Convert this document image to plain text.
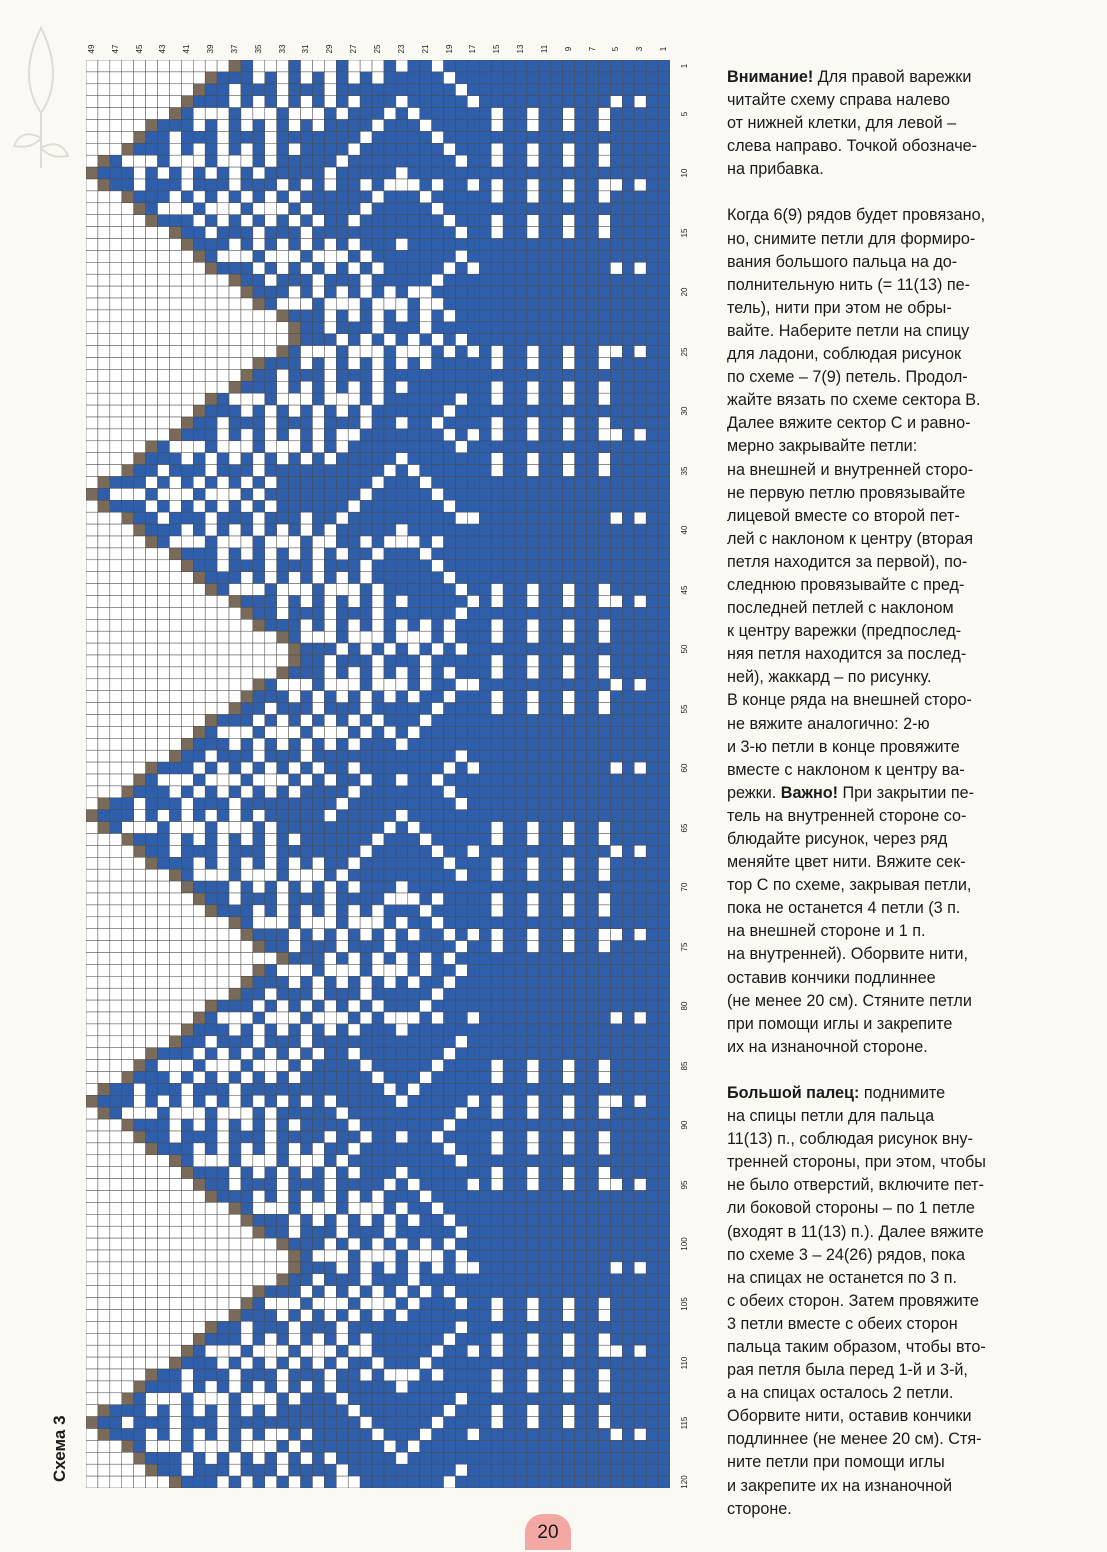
49	47	45	43	41	39	37	35	33	31	29	27	25	23	21	19	17	15	13	11	9	7	5	3	1
1
5
10
15
20
25
30
35
40
45
50
55
60
65
70
75
80
85
90
95
100
105
110
115
120
Схема 3
Внимание! Для правой варежки
читайте схему справа налево
от нижней клетки, для левой –
слева направо. Точкой обозначе-
на прибавка.
Когда 6(9) рядов будет провязано,
но, снимите петли для формиро-
вания большого пальца на до-
полнительную нить (= 11(13) пе-
тель), нити при этом не обры-
вайте. Наберите петли на спицу
для ладони, соблюдая рисунок
по схеме – 7(9) петель. Продол-
жайте вязать по схеме сектора В.
Далее вяжите сектор С и равно-
мерно закрывайте петли:
на внешней и внутренней сторо-
не первую петлю провязывайте
лицевой вместе со второй пет-
лей с наклоном к центру (вторая
петля находится за первой), по-
следнюю провязывайте с пред-
последней петлей с наклоном
к центру варежки (предпослед-
няя петля находится за послед-
ней), жаккард – по рисунку.
В конце ряда на внешней сторо-
не вяжите аналогично: 2-ю
и 3-ю петли в конце провяжите
вместе с наклоном к центру ва-
режки. Важно! При закрытии пе-
тель на внутренней стороне со-
блюдайте рисунок, через ряд
меняйте цвет нити. Вяжите сек-
тор С по схеме, закрывая петли,
пока не останется 4 петли (3 п.
на внешней стороне и 1 п.
на внутренней). Оборвите нити,
оставив кончики подлиннее
(не менее 20 см). Стяните петли
при помощи иглы и закрепите
их на изнаночной стороне.
Большой палец: поднимите
на спицы петли для пальца
11(13) п., соблюдая рисунок вну-
тренней стороны, при этом, чтобы
не было отверстий, включите пет-
ли боковой стороны – по 1 петле
(входят в 11(13) п.). Далее вяжите
по схеме 3 – 24(26) рядов, пока
на спицах не останется по 3 п.
с обеих сторон. Затем провяжите
3 петли вместе с обеих сторон
пальца таким образом, чтобы вто-
рая петля была перед 1-й и 3-й,
а на спицах осталось 2 петли.
Оборвите нити, оставив кончики
подлиннее (не менее 20 см). Стя-
ните петли при помощи иглы
и закрепите их на изнаночной
стороне.
20
